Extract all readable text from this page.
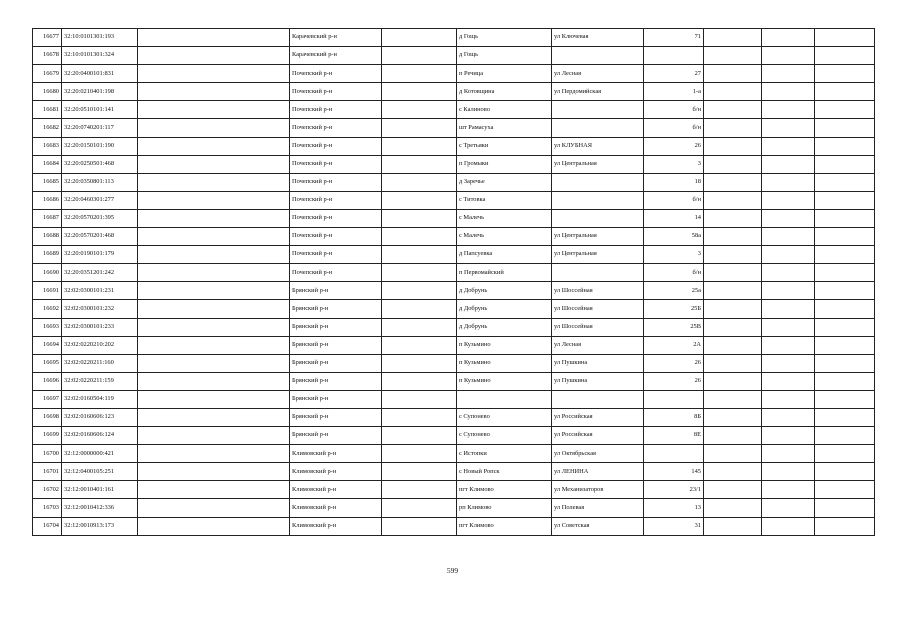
16677	32:10:0101301:193		Карачевский р-н		д Гощь	ул Ключевая	71			
16678	32:10:0101301:324		Карачевский р-н		д Гощь					
16679	32:20:0400101:831		Почепский р-н		п Речица	ул Лесная	27			
16680	32:20:0210401:198		Почепский р-н		д Котовщина	ул Пердомийская	1-а			
16681	32:20:0510101:141		Почепский р-н		с Калиново		б/н			
16682	32:20:0740201:117		Почепский р-н		шт Рамасуха		б/н			
16683	32:20:0150101:190		Почепский р-н		с Третьяки	ул КЛУБНАЯ	26			
16684	32:20:0250501:468		Почепский р-н		п Громыки	ул Центральная	3			
16685	32:20:0350801:113		Почепский р-н		д Заречье		18			
16686	32:20:0460301:277		Почепский р-н		с Титовка		б/н			
16687	32:20:0570201:395		Почепский р-н		с Малечь		14			
16688	32:20:0570201:468		Почепский р-н		с Малечь	ул Центральная	58а			
16689	32:20:0190101:179		Почепский р-н		д Папсуевка	ул Центральная	3			
16690	32:20:0351201:242		Почепский р-н		п Первомайский		б/н			
16691	32:02:0300101:231		Брянский р-н		д Добрунь	ул Шоссейная	25а			
16692	32:02:0300101:232		Брянский р-н		д Добрунь	ул Шоссейная	25Б			
16693	32:02:0300101:233		Брянский р-н		д Добрунь	ул Шоссейная	25В			
16694	32:02:0220210:202		Брянский р-н		п Кузьмино	ул Лесная	2А			
16695	32:02:0220211:160		Брянский р-н		п Кузьмино	ул Пушкина	26			
16696	32:02:0220211:159		Брянский р-н		п Кузьмино	ул Пушкина	26			
16697	32:02:0160504:119		Брянский р-н							
16698	32:02:0160606:123		Брянский р-н		с Супонево	ул Российская	8Б			
16699	32:02:0160606:124		Брянский р-н		с Супонево	ул Российская	8Е			
16700	32:12:0000000:421		Климовский р-н		с Истопки	ул Октябрьская				
16701	32:12:0400105:251		Климовский р-н		с Новый Ропск	ул ЛЕНИНА	145			
16702	32:12:0010401:161		Климовский р-н		пгт Климово	ул Механизаторов	23/1			
16703	32:12:0010412:336		Климовский р-н		рп Климово	ул Полевая	13			
16704	32:12:0010913:173		Климовский р-н		пгт Климово	ул Советская	31			
599
